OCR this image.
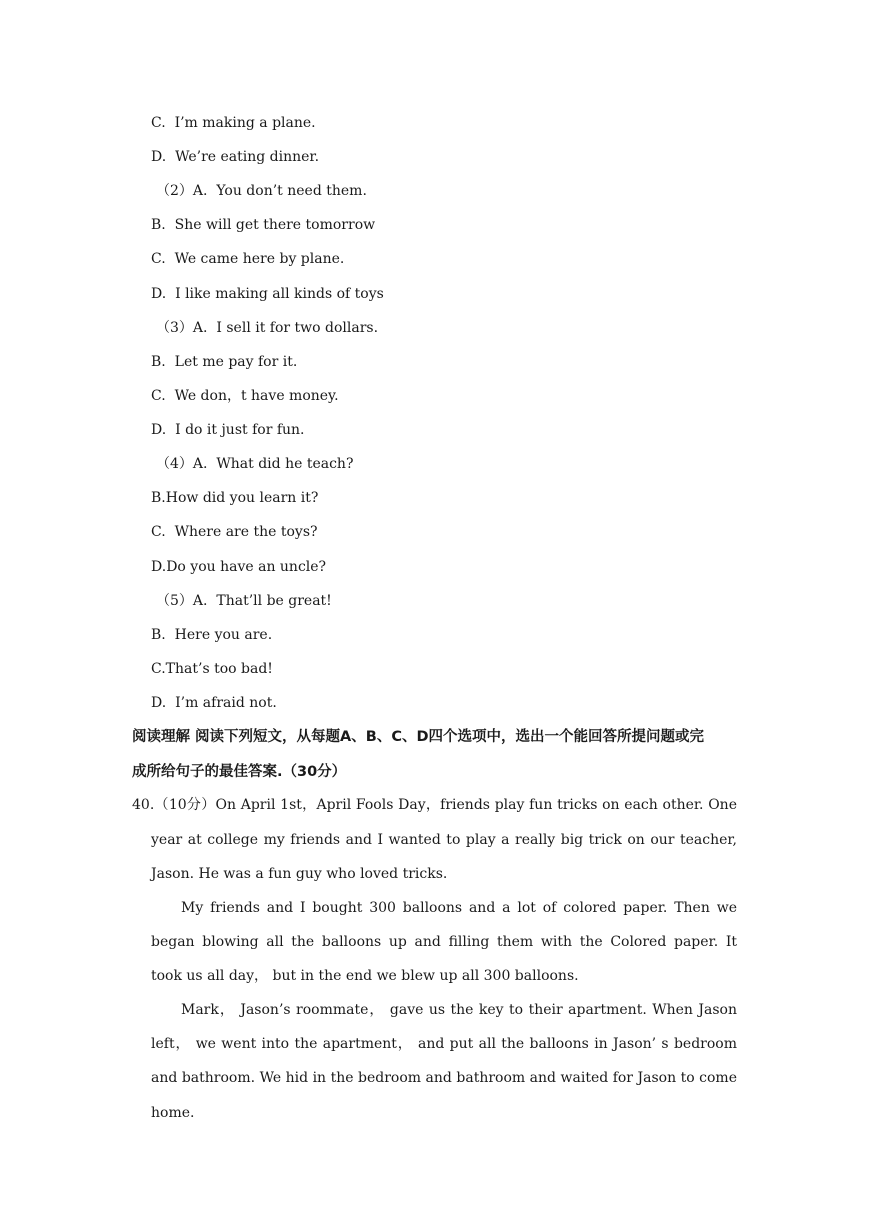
C. I’m making a plane.
D. We’re eating dinner.
（2）A. You don’t need them.
B. She will get there tomorrow
C. We came here by plane.
D. I like making all kinds of toys
（3）A. I sell it for two dollars.
B. Let me pay for it.
C. We don，t have money.
D. I do it just for fun.
（4）A. What did he teach?
B.How did you learn it?
C. Where are the toys?
D.Do you have an uncle?
（5）A. That’ll be great!
B. Here you are.
C.That’s too bad!
D. I’m afraid not.
阅读理解 阅读下列短文，从每题A、B、C、D四个选项中，选出一个能回答所提问题或完
成所给句子的最佳答案.（30分）
40.（10分）On April 1st，April Fools Day，friends play fun tricks on each other. One
year at college my friends and I wanted to play a really big trick on our teacher,
Jason. He was a fun guy who loved tricks.
My friends and I bought 300 balloons and a lot of colored paper. Then we
began blowing all the balloons up and filling them with the Colored paper. It
took us all day， but in the end we blew up all 300 balloons.
Mark， Jason’s roommate， gave us the key to their apartment. When Jason
left， we went into the apartment， and put all the balloons in Jason’ s bedroom
and bathroom. We hid in the bedroom and bathroom and waited for Jason to come
home.
